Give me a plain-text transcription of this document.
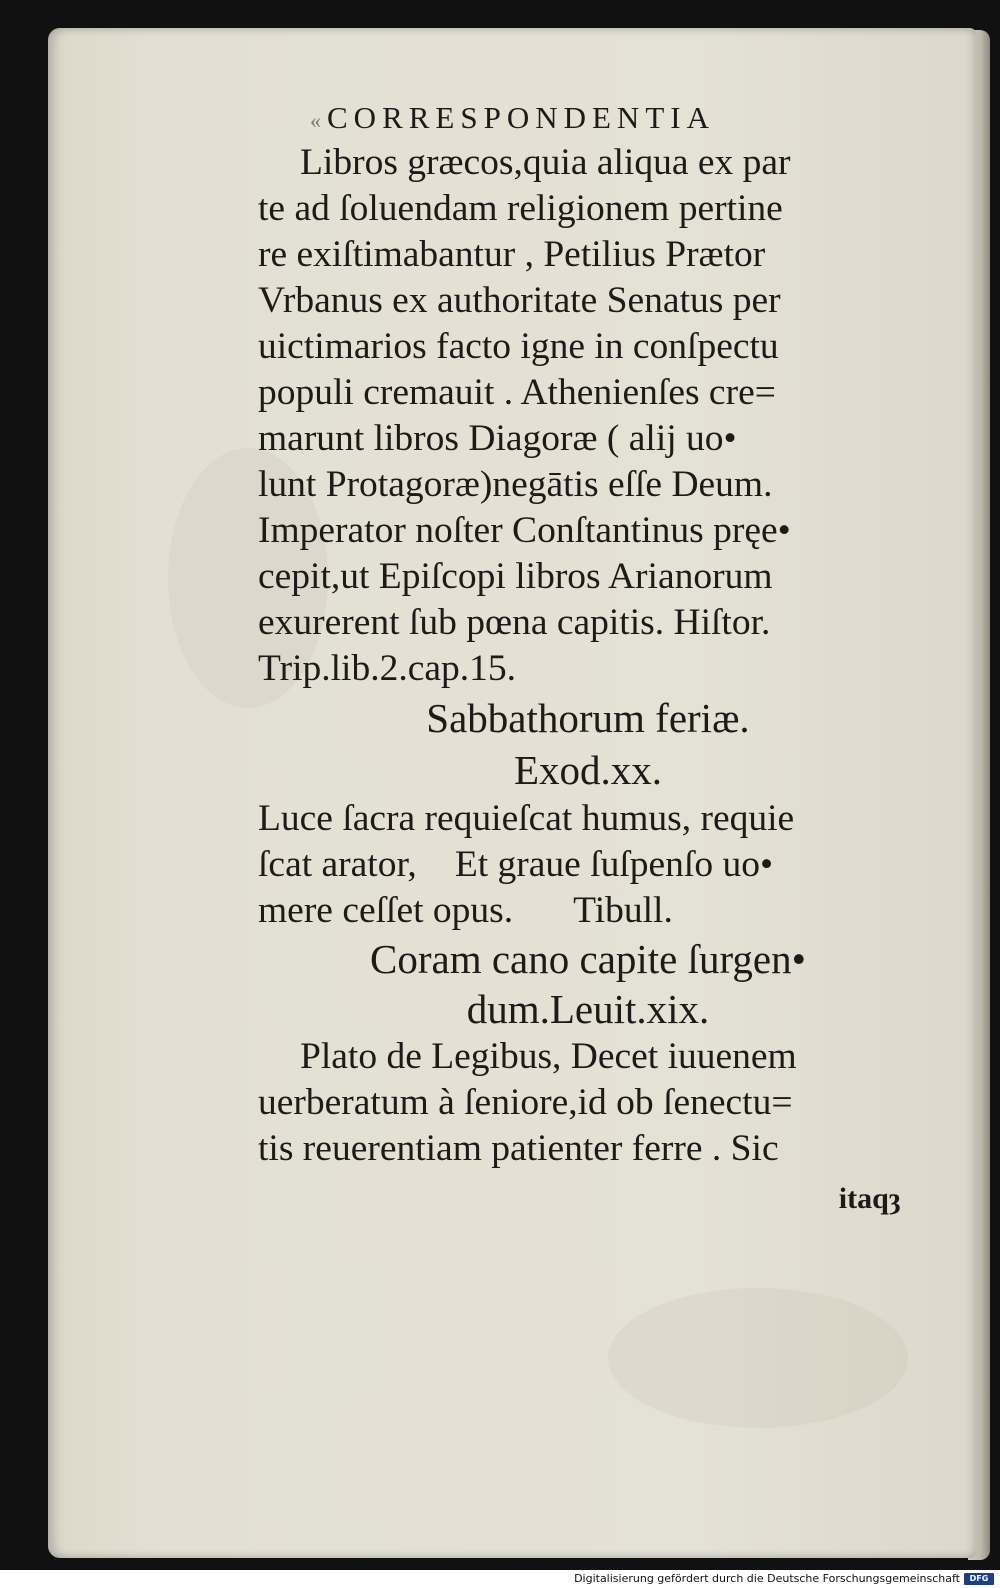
« CORRESPONDENTIA
Libros græcos,quia aliqua ex par
te ad ſoluendam religionem pertine
re exiſtimabantur , Petilius Prætor
Vrbanus ex authoritate Senatus per
uictimarios facto igne in conſpectu
populi cremauit . Athenienſes cre=
marunt libros Diagoræ ( alij uo•
lunt Protagoræ)negātis eſſe Deum.
Imperator noſter Conſtantinus pręe•
cepit,ut Epiſcopi libros Arianorum
exurerent ſub pœna capitis. Hiſtor.
Trip.lib.2.cap.15.
Sabbathorum feriæ.
Exod.xx.
Luce ſacra requieſcat humus, requie
ſcat arator, Et graue ſuſpenſo uo•
mere ceſſet opus. Tibull.
Coram cano capite ſurgen•
dum.Leuit.xix.
Plato de Legibus, Decet iuuenem
uerberatum à ſeniore,id ob ſenectu=
tis reuerentiam patienter ferre . Sic
itaqȝ
Digitalisierung gefördert durch die Deutsche Forschungsgemeinschaft DFG
